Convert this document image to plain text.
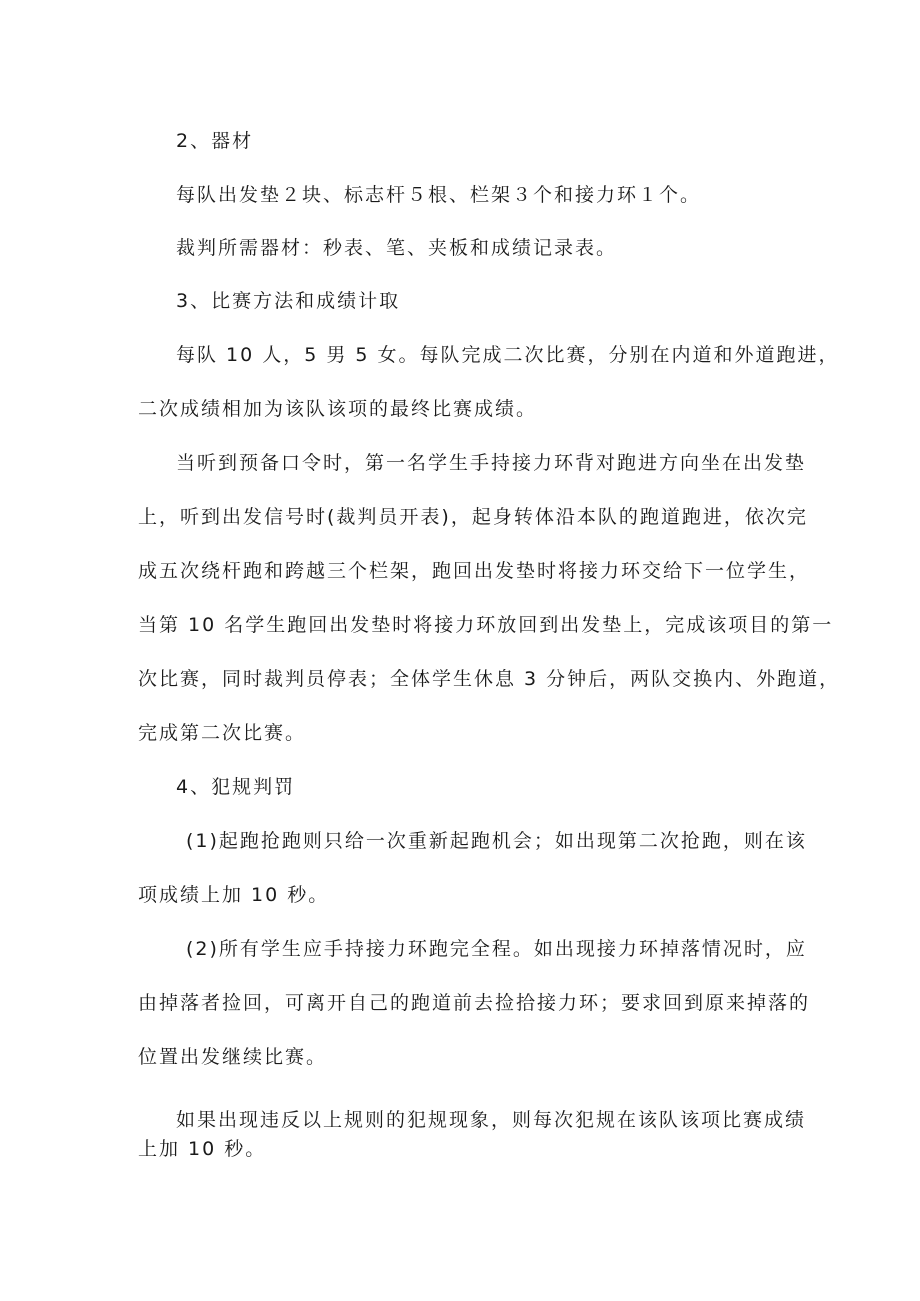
2、器材
每队出发垫２块、标志杆５根、栏架３个和接力环１个。
裁判所需器材：秒表、笔、夹板和成绩记录表。
3、比赛方法和成绩计取
每队 10 人，5 男 5 女。每队完成二次比赛，分别在内道和外道跑进，
二次成绩相加为该队该项的最终比赛成绩。
当听到预备口令时，第一名学生手持接力环背对跑进方向坐在出发垫
上，听到出发信号时(裁判员开表)，起身转体沿本队的跑道跑进，依次完
成五次绕杆跑和跨越三个栏架，跑回出发垫时将接力环交给下一位学生，
当第 10 名学生跑回出发垫时将接力环放回到出发垫上，完成该项目的第一
次比赛，同时裁判员停表；全体学生休息 3 分钟后，两队交换内、外跑道，
完成第二次比赛。
4、犯规判罚
(1)起跑抢跑则只给一次重新起跑机会；如出现第二次抢跑，则在该
项成绩上加 10 秒。
(2)所有学生应手持接力环跑完全程。如出现接力环掉落情况时，应
由掉落者捡回，可离开自己的跑道前去捡拾接力环；要求回到原来掉落的
位置出发继续比赛。
如果出现违反以上规则的犯规现象，则每次犯规在该队该项比赛成绩
上加 10 秒。
